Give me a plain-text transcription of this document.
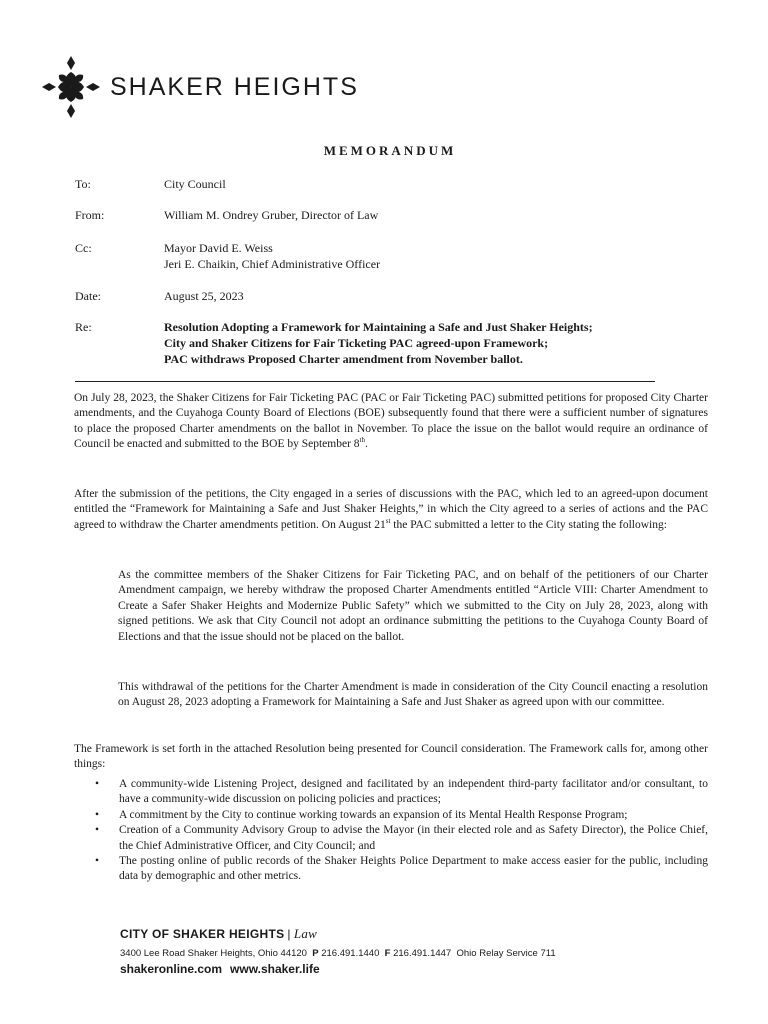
SHAKER HEIGHTS
MEMORANDUM
To:	City Council
From:	William M. Ondrey Gruber, Director of Law
Cc:	Mayor David E. Weiss
Jeri E. Chaikin, Chief Administrative Officer
Date:	August 25, 2023
Re:	Resolution Adopting a Framework for Maintaining a Safe and Just Shaker Heights;
City and Shaker Citizens for Fair Ticketing PAC agreed-upon Framework;
PAC withdraws Proposed Charter amendment from November ballot.

On July 28, 2023, the Shaker Citizens for Fair Ticketing PAC (PAC or Fair Ticketing PAC) submitted petitions for proposed City Charter amendments, and the Cuyahoga County Board of Elections (BOE) subsequently found that there were a sufficient number of signatures to place the proposed Charter amendments on the ballot in November. To place the issue on the ballot would require an ordinance of Council be enacted and submitted to the BOE by September 8th.

After the submission of the petitions, the City engaged in a series of discussions with the PAC, which led to an agreed-upon document entitled the “Framework for Maintaining a Safe and Just Shaker Heights,” in which the City agreed to a series of actions and the PAC agreed to withdraw the Charter amendments petition. On August 21st the PAC submitted a letter to the City stating the following:

As the committee members of the Shaker Citizens for Fair Ticketing PAC, and on behalf of the petitioners of our Charter Amendment campaign, we hereby withdraw the proposed Charter Amendments entitled “Article VIII: Charter Amendment to Create a Safer Shaker Heights and Modernize Public Safety” which we submitted to the City on July 28, 2023, along with signed petitions. We ask that City Council not adopt an ordinance submitting the petitions to the Cuyahoga County Board of Elections and that the issue should not be placed on the ballot.

This withdrawal of the petitions for the Charter Amendment is made in consideration of the City Council enacting a resolution on August 28, 2023 adopting a Framework for Maintaining a Safe and Just Shaker as agreed upon with our committee.

The Framework is set forth in the attached Resolution being presented for Council consideration. The Framework calls for, among other things:

• A community-wide Listening Project, designed and facilitated by an independent third-party facilitator and/or consultant, to have a community-wide discussion on policing policies and practices;
• A commitment by the City to continue working towards an expansion of its Mental Health Response Program;
• Creation of a Community Advisory Group to advise the Mayor (in their elected role and as Safety Director), the Police Chief, the Chief Administrative Officer, and City Council; and
• The posting online of public records of the Shaker Heights Police Department to make access easier for the public, including data by demographic and other metrics.
CITY OF SHAKER HEIGHTS | Law
3400 Lee Road Shaker Heights, Ohio 44120 P 216.491.1440 F 216.491.1447 Ohio Relay Service 711
shakeronline.com www.shaker.life
